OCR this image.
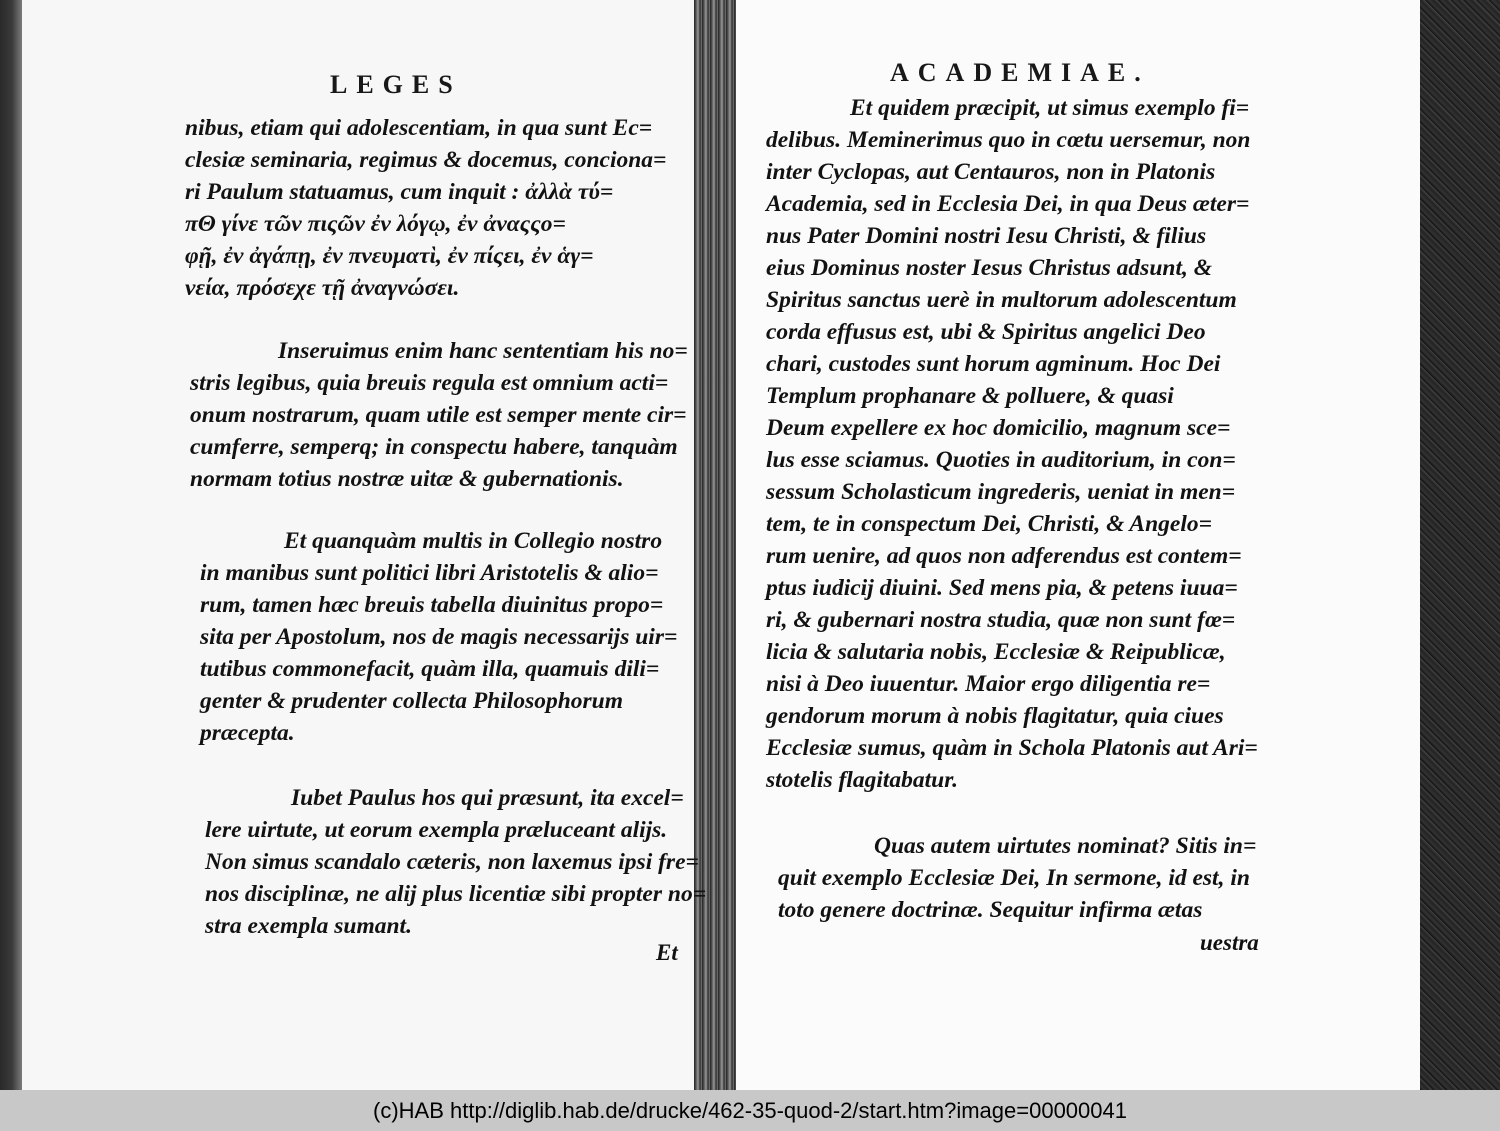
LEGES	ACADEMIAE.
nibus, etiam qui adolescentiam, in qua sunt Ec=
clesiæ seminaria, regimus & docemus, conciona=
ri Paulum statuamus, cum inquit : ἀλλὰ τύ=
πΘ γίνε τῶν πιςῶν ἐν λόγῳ, ἐν ἀναςςο=
φῇ, ἐν ἀγάπῃ, ἐν πνευματὶ, ἐν πίςει, ἐν ἁγ=
νεία, πρόσεχε τῇ ἀναγνώσει.
Inseruimus enim hanc sententiam his no=
stris legibus, quia breuis regula est omnium acti=
onum nostrarum, quam utile est semper mente cir=
cumferre, semperq; in conspectu habere, tanquàm
normam totius nostræ uitæ & gubernationis.
Et quanquàm multis in Collegio nostro
in manibus sunt politici libri Aristotelis & alio=
rum, tamen hæc breuis tabella diuinitus propo=
sita per Apostolum, nos de magis necessarijs uir=
tutibus commonefacit, quàm illa, quamuis dili=
genter & prudenter collecta Philosophorum
præcepta.
Iubet Paulus hos qui præsunt, ita excel=
lere uirtute, ut eorum exempla præluceant alijs.
Non simus scandalo cæteris, non laxemus ipsi fre=
nos disciplinæ, ne alij plus licentiæ sibi propter no=
stra exempla sumant.
Et
Et quidem præcipit, ut simus exemplo fi=
delibus. Meminerimus quo in cœtu uersemur, non
inter Cyclopas, aut Centauros, non in Platonis
Academia, sed in Ecclesia Dei, in qua Deus æter=
nus Pater Domini nostri Iesu Christi, & filius
eius Dominus noster Iesus Christus adsunt, &
Spiritus sanctus uerè in multorum adolescentum
corda effusus est, ubi & Spiritus angelici Deo
chari, custodes sunt horum agminum. Hoc Dei
Templum prophanare & polluere, & quasi
Deum expellere ex hoc domicilio, magnum sce=
lus esse sciamus. Quoties in auditorium, in con=
sessum Scholasticum ingrederis, ueniat in men=
tem, te in conspectum Dei, Christi, & Angelo=
rum uenire, ad quos non adferendus est contem=
ptus iudicij diuini. Sed mens pia, & petens iuua=
ri, & gubernari nostra studia, quæ non sunt fœ=
licia & salutaria nobis, Ecclesiæ & Reipublicæ,
nisi à Deo iuuentur. Maior ergo diligentia re=
gendorum morum à nobis flagitatur, quia ciues
Ecclesiæ sumus, quàm in Schola Platonis aut Ari=
stotelis flagitabatur.
Quas autem uirtutes nominat? Sitis in=
quit exemplo Ecclesiæ Dei, In sermone, id est, in
toto genere doctrinæ. Sequitur infirma ætas
uestra
(c)HAB http://diglib.hab.de/drucke/462-35-quod-2/start.htm?image=00000041
